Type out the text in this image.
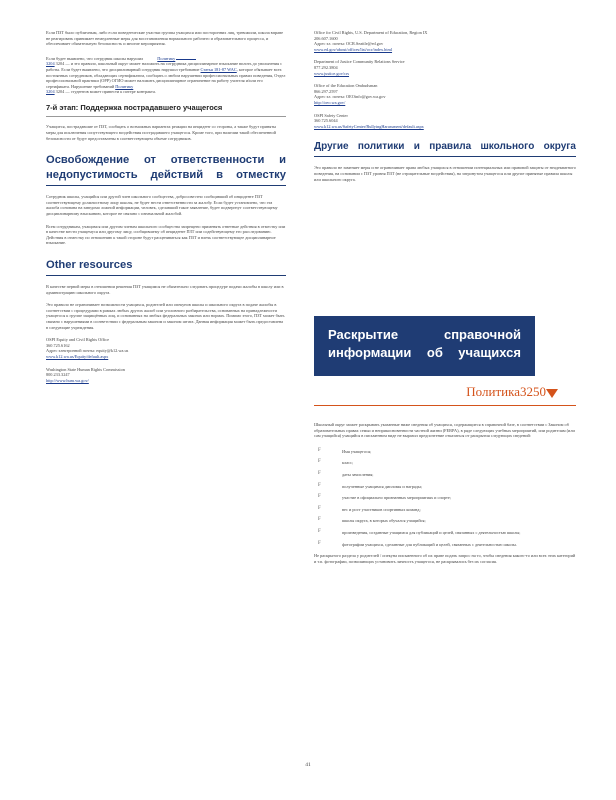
Если ПЗТ было публичным, либо если поведенческие участки группы учащихся или посторонних лиц, тревожили, школа вправе не реагировать принимает немедленные меры для восстановления нормального рабочего и образовательного процесса, и обеспечивает обязательную безопасность и многие мероприятия.

Если будет выявлено, что сотрудник школы нарушил	Политику
3204 3204 — и это правило, школьный округ может наложить на сотрудника дисциплинарное взыскание вплоть до увольнения с работы. Если будет выявлено, что дисциплинарный сотрудник нарушил требование Статья 181-87 WAC, которое обязывает всех постоянных сотрудников, обладающих сертификатом, сообщать о любом нарушении профессиональных правил поведения, Отдел профессиональной практики (OPP) ОГИО может наложить дисциплинарное ограничение на работу учителя и/или его сертификата. Нарушение требований Политику
3204 3204 — студентов может привести к потере контракта.

7-й этап: Поддержка пострадавшего учащегося

Учащиеся, пострадавшие от ПЗТ, сообщать о возможных вариантах реакции на инцидент со стороны, а также будут приняты меры для исключения сопутствующего воздействия пострадавшего учащегося. Кроме того, при наличии такой обеспеченной безопасности от будут предоставлены в соответствующем объеме сотрудников.

Освобождение от ответственности и недопустимость действий в отместку

Сотрудник школы, учащийся или другой член школьного сообщества, добросовестно сообщивший об инциденте ПЗТ соответствующему должностному лицу школы, не будет нести ответственности за жалобу. Если будет установлено, что эта жалоба основана на заведомо ложной информации, человек, сделавший такое заявление, будет подвергнут соответствующему дисциплинарному взысканию, которое не связано с изначальной жалобой.

Всем сотрудникам, учащимся или другим членам школьного сообщества запрещено применять ответные действия в отместку или в качестве мести учащемуся или другому лицу, сообщившему об инциденте ПЗТ или содействующему его расследованию. Действия в отместку по отношению к такой стороне будут расцениваться как ПЗТ и влечь соответствующее дисциплинарное взыскание.

Other resources

В качестве первой меры в отношении решения ПЗТ учащимся не обязательно следовать процедуре подачи жалобы в школу или в администрацию школьного округа.

Это правило не ограничивает возможности учащихся, родителей или опекунов школы и школьного округа в подаче жалобы в соответствии с процедурами в рамках любых других жалоб или уголовного разбирательства, основанных на принадлежности учащегося к группе защищённых лиц, и основанных на любых федеральных законах или нормах. Помимо этого, ПЗТ может быть связано с нарушениями в соответствии с федеральным законом и законом штата. Данная информация может быть предоставлена в следующие учреждения.

OSPI Equity and Civil Rights Office
360.725.6162
Адрес электронной почты: equity@k12.wa.us
www.k12.wa.us/Equity/default.aspx
Washington State Human Rights Commission
800.233.3247
http://www.hum.wa.gov/
Office for Civil Rights, U.S. Department of Education, Region IX
206.607.1600
Адрес эл. почты: OCR.Seattle@ed.gov
www.ed.gov/about/offices/list/ocr/index.html
Department of Justice Community Relations Service
877.292.3804
www.justice.gov/crs
Office of the Education Ombudsman
866.297.2597
Адрес эл. почты: OEOinfo@gov.wa.gov
http://oeo.wa.gov/
OSPI Safety Center
360.725.6044
www.k12.wa.us/SafetyCenter/BullyingHarassment/default.aspx
Другие политики и правила школьного округа

Это правило не заменяет меры и не ограничивает права любых учащихся в отношении потенциальных или правовой защиты от неадекватного поведения, на основании с ПЗТ уровня ПЗТ (не отрицательные воздействия), на затронутом учащегося или другие принятые правила школы или школьного округа.

Раскрытие справочной
информации об учащихся
Политика3250

Школьный округ может раскрывать указанные ниже сведения об учащихся, содержащиеся в справочной базе, в соответствии с Законом об образовательных правах семьи и неприкосновенности частной жизни (FERPA), в ряде следующих учебных мероприятий, или родителям (или сам учащийся) учащийся в письменном виде не выразил предпочтение отказаться от раскрытия следующих сведений:

Ϝ	Имя учащегося;
Ϝ	класс;
Ϝ	даты зачисления;
Ϝ	полученные учащимся дипломы и награды;
Ϝ	участие в официально признанных мероприятиях и спорте;
Ϝ	вес и рост участников спортивных команд;
Ϝ	школы округа, в которых обучался учащийся;
Ϝ	произведения, созданные учащимся для публикаций и целей, связанных с деятельностью школы;
Ϝ	фотографии учащихся, сделанные для публикаций и целей, связанных с деятельностью школы.

Не раскрытого раздела у родителей / опекуна письменного об их праве подать запрос на то, чтобы сведения какого-то или всех этих категорий и т.п. фотографии, позволяющих установить личность учащегося, не раскрывались без их согласия.

41
